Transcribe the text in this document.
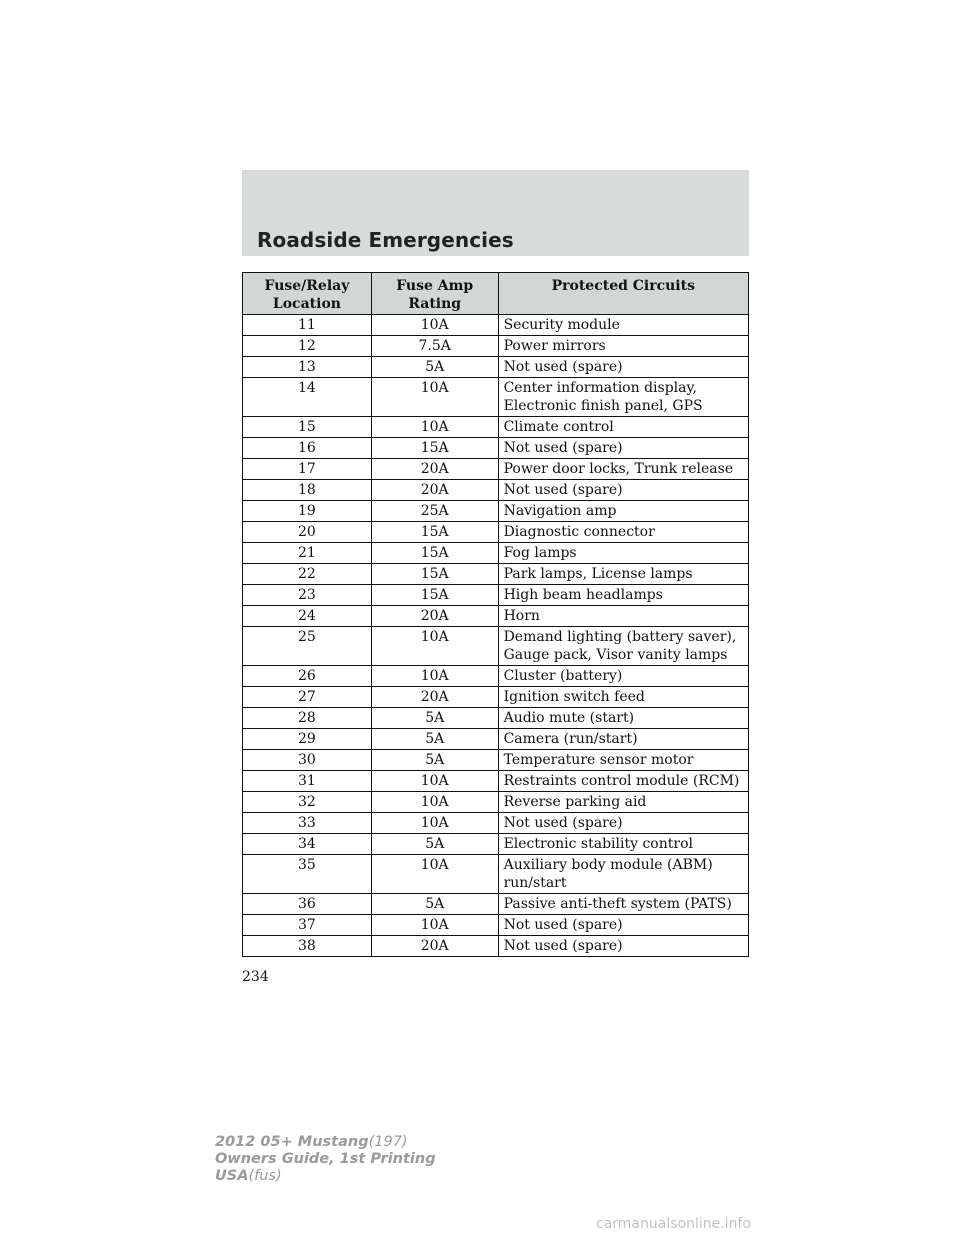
Roadside Emergencies
Fuse/Relay Location	Fuse Amp Rating	Protected Circuits
11	10A	Security module
12	7.5A	Power mirrors
13	5A	Not used (spare)
14	10A	Center information display, Electronic finish panel, GPS
15	10A	Climate control
16	15A	Not used (spare)
17	20A	Power door locks, Trunk release
18	20A	Not used (spare)
19	25A	Navigation amp
20	15A	Diagnostic connector
21	15A	Fog lamps
22	15A	Park lamps, License lamps
23	15A	High beam headlamps
24	20A	Horn
25	10A	Demand lighting (battery saver), Gauge pack, Visor vanity lamps
26	10A	Cluster (battery)
27	20A	Ignition switch feed
28	5A	Audio mute (start)
29	5A	Camera (run/start)
30	5A	Temperature sensor motor
31	10A	Restraints control module (RCM)
32	10A	Reverse parking aid
33	10A	Not used (spare)
34	5A	Electronic stability control
35	10A	Auxiliary body module (ABM) run/start
36	5A	Passive anti-theft system (PATS)
37	10A	Not used (spare)
38	20A	Not used (spare)
234
2012 05+ Mustang(197)
Owners Guide, 1st Printing
USA(fus)
carmanualsonline.info
